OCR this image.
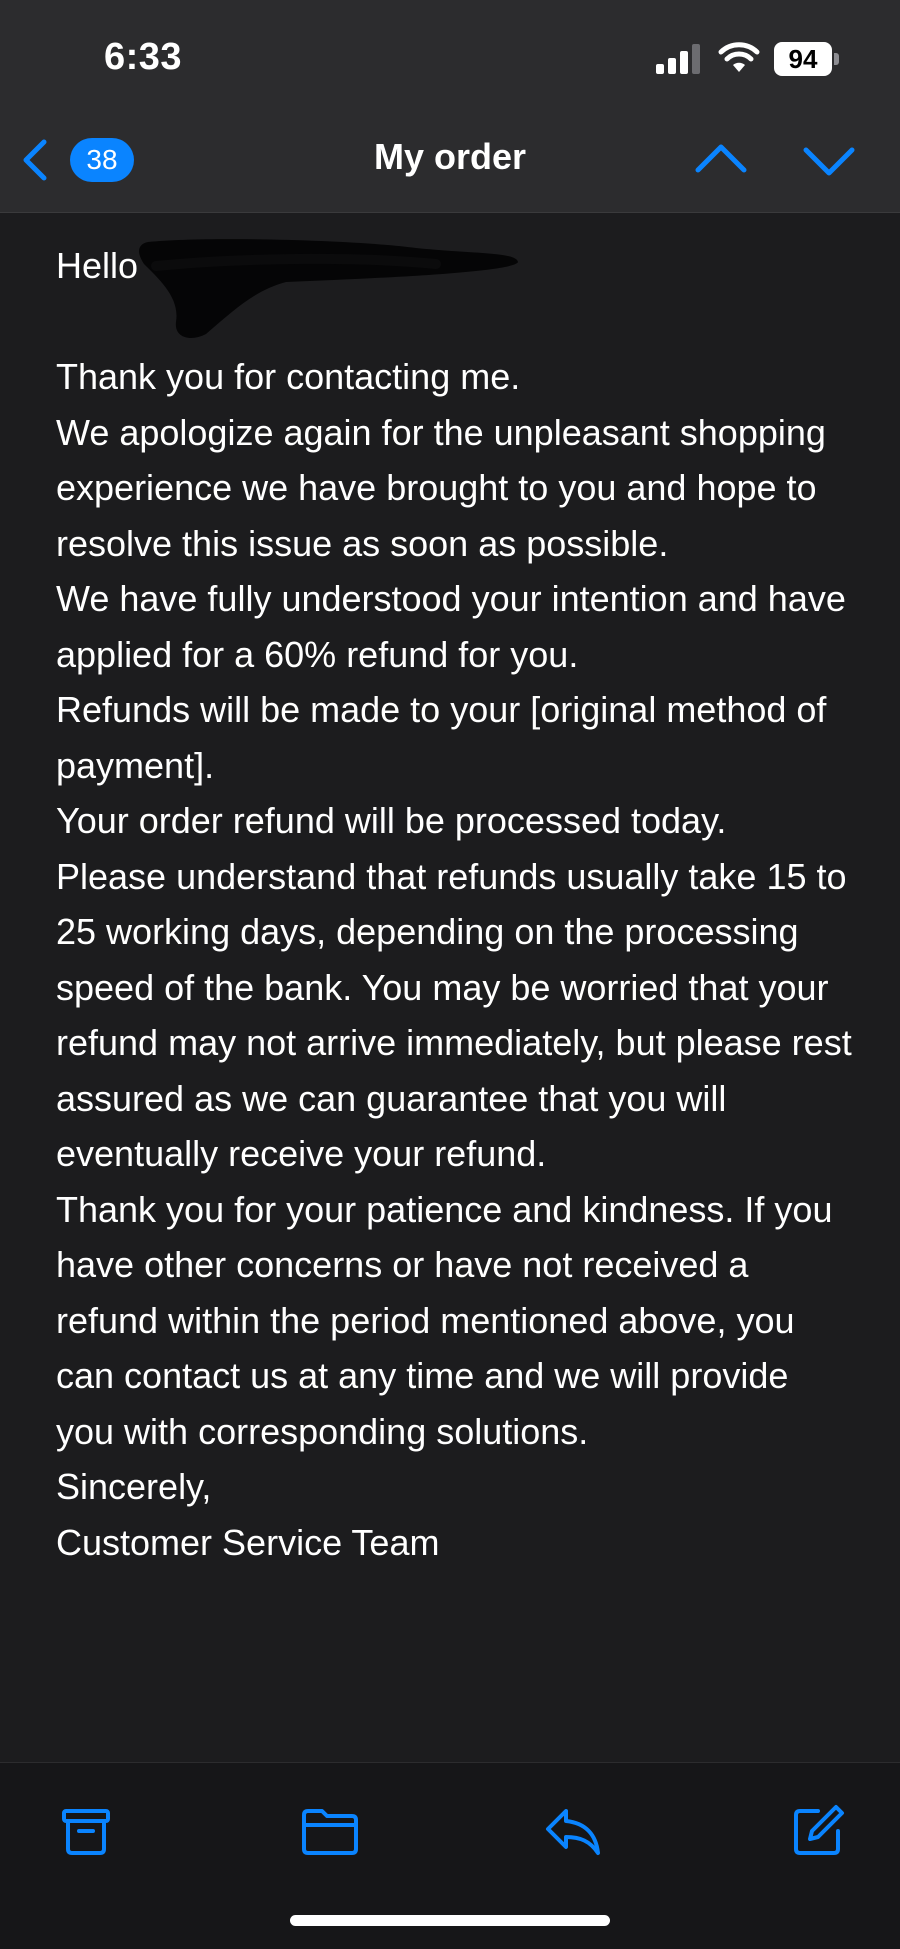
6:33	94
38	My order
Hello

Thank you for contacting me.

We apologize again for the unpleasant shopping experience we have brought to you and hope to resolve this issue as soon as possible.

We have fully understood your intention and have applied for a 60% refund for you.

Refunds will be made to your [original method of payment].

Your order refund will be processed today.

Please understand that refunds usually take 15 to 25 working days, depending on the processing speed of the bank. You may be worried that your refund may not arrive immediately, but please rest assured as we can guarantee that you will eventually receive your refund.

Thank you for your patience and kindness. If you have other concerns or have not received a refund within the period mentioned above, you can contact us at any time and we will provide you with corresponding solutions.

Sincerely,

Customer Service Team
